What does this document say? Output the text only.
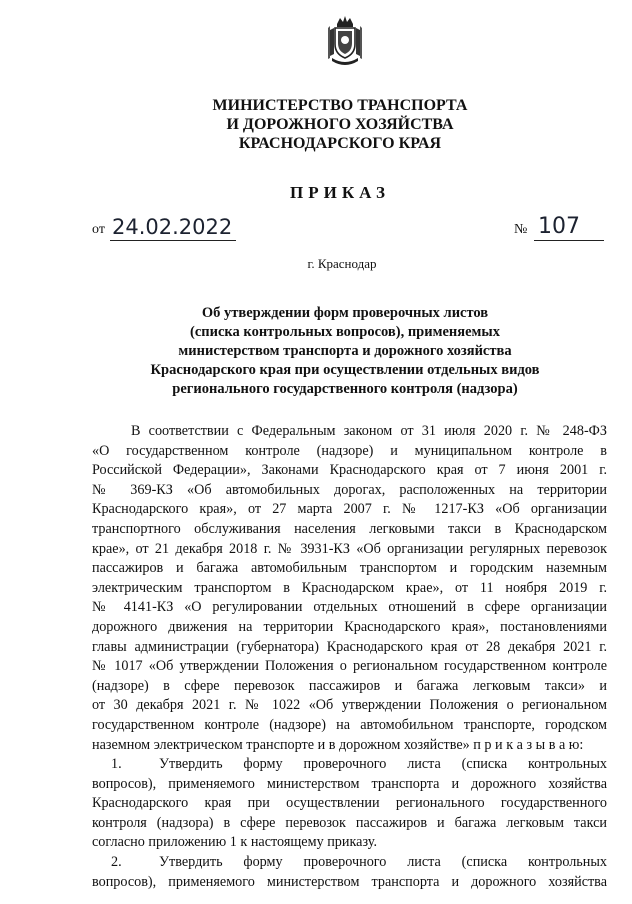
МИНИСТЕРСТВО ТРАНСПОРТА
И ДОРОЖНОГО ХОЗЯЙСТВА
КРАСНОДАРСКОГО КРАЯ
ПРИКАЗ
от 24.02.2022	№ 107
г. Краснодар
Об утверждении форм проверочных листов
(списка контрольных вопросов), применяемых
министерством транспорта и дорожного хозяйства
Краснодарского края при осуществлении отдельных видов
регионального государственного контроля (надзора)
В соответствии с Федеральным законом от 31 июля 2020 г. № 248-ФЗ
«О государственном контроле (надзоре) и муниципальном контроле в
Российской Федерации», Законами Краснодарского края от 7 июня 2001 г.
№ 369-КЗ «Об автомобильных дорогах, расположенных на территории
Краснодарского края», от 27 марта 2007 г. № 1217-КЗ «Об организации
транспортного обслуживания населения легковыми такси в Краснодарском
крае», от 21 декабря 2018 г. № 3931-КЗ «Об организации регулярных перевозок
пассажиров и багажа автомобильным транспортом и городским наземным
электрическим транспортом в Краснодарском крае», от 11 ноября 2019 г.
№ 4141-КЗ «О регулировании отдельных отношений в сфере организации
дорожного движения на территории Краснодарского края», постановлениями
главы администрации (губернатора) Краснодарского края от 28 декабря 2021 г.
№ 1017 «Об утверждении Положения о региональном государственном контроле
(надзоре) в сфере перевозок пассажиров и багажа легковым такси» и
от 30 декабря 2021 г. № 1022 «Об утверждении Положения о региональном
государственном контроле (надзоре) на автомобильном транспорте, городском
наземном электрическом транспорте и в дорожном хозяйстве» п р и к а з ы в а ю:
1.	Утвердить форму проверочного листа (списка контрольных
вопросов), применяемого министерством транспорта и дорожного хозяйства
Краснодарского края при осуществлении регионального государственного
контроля (надзора) в сфере перевозок пассажиров и багажа легковым такси
согласно приложению 1 к настоящему приказу.
2.	Утвердить форму проверочного листа (списка контрольных
вопросов), применяемого министерством транспорта и дорожного хозяйства
